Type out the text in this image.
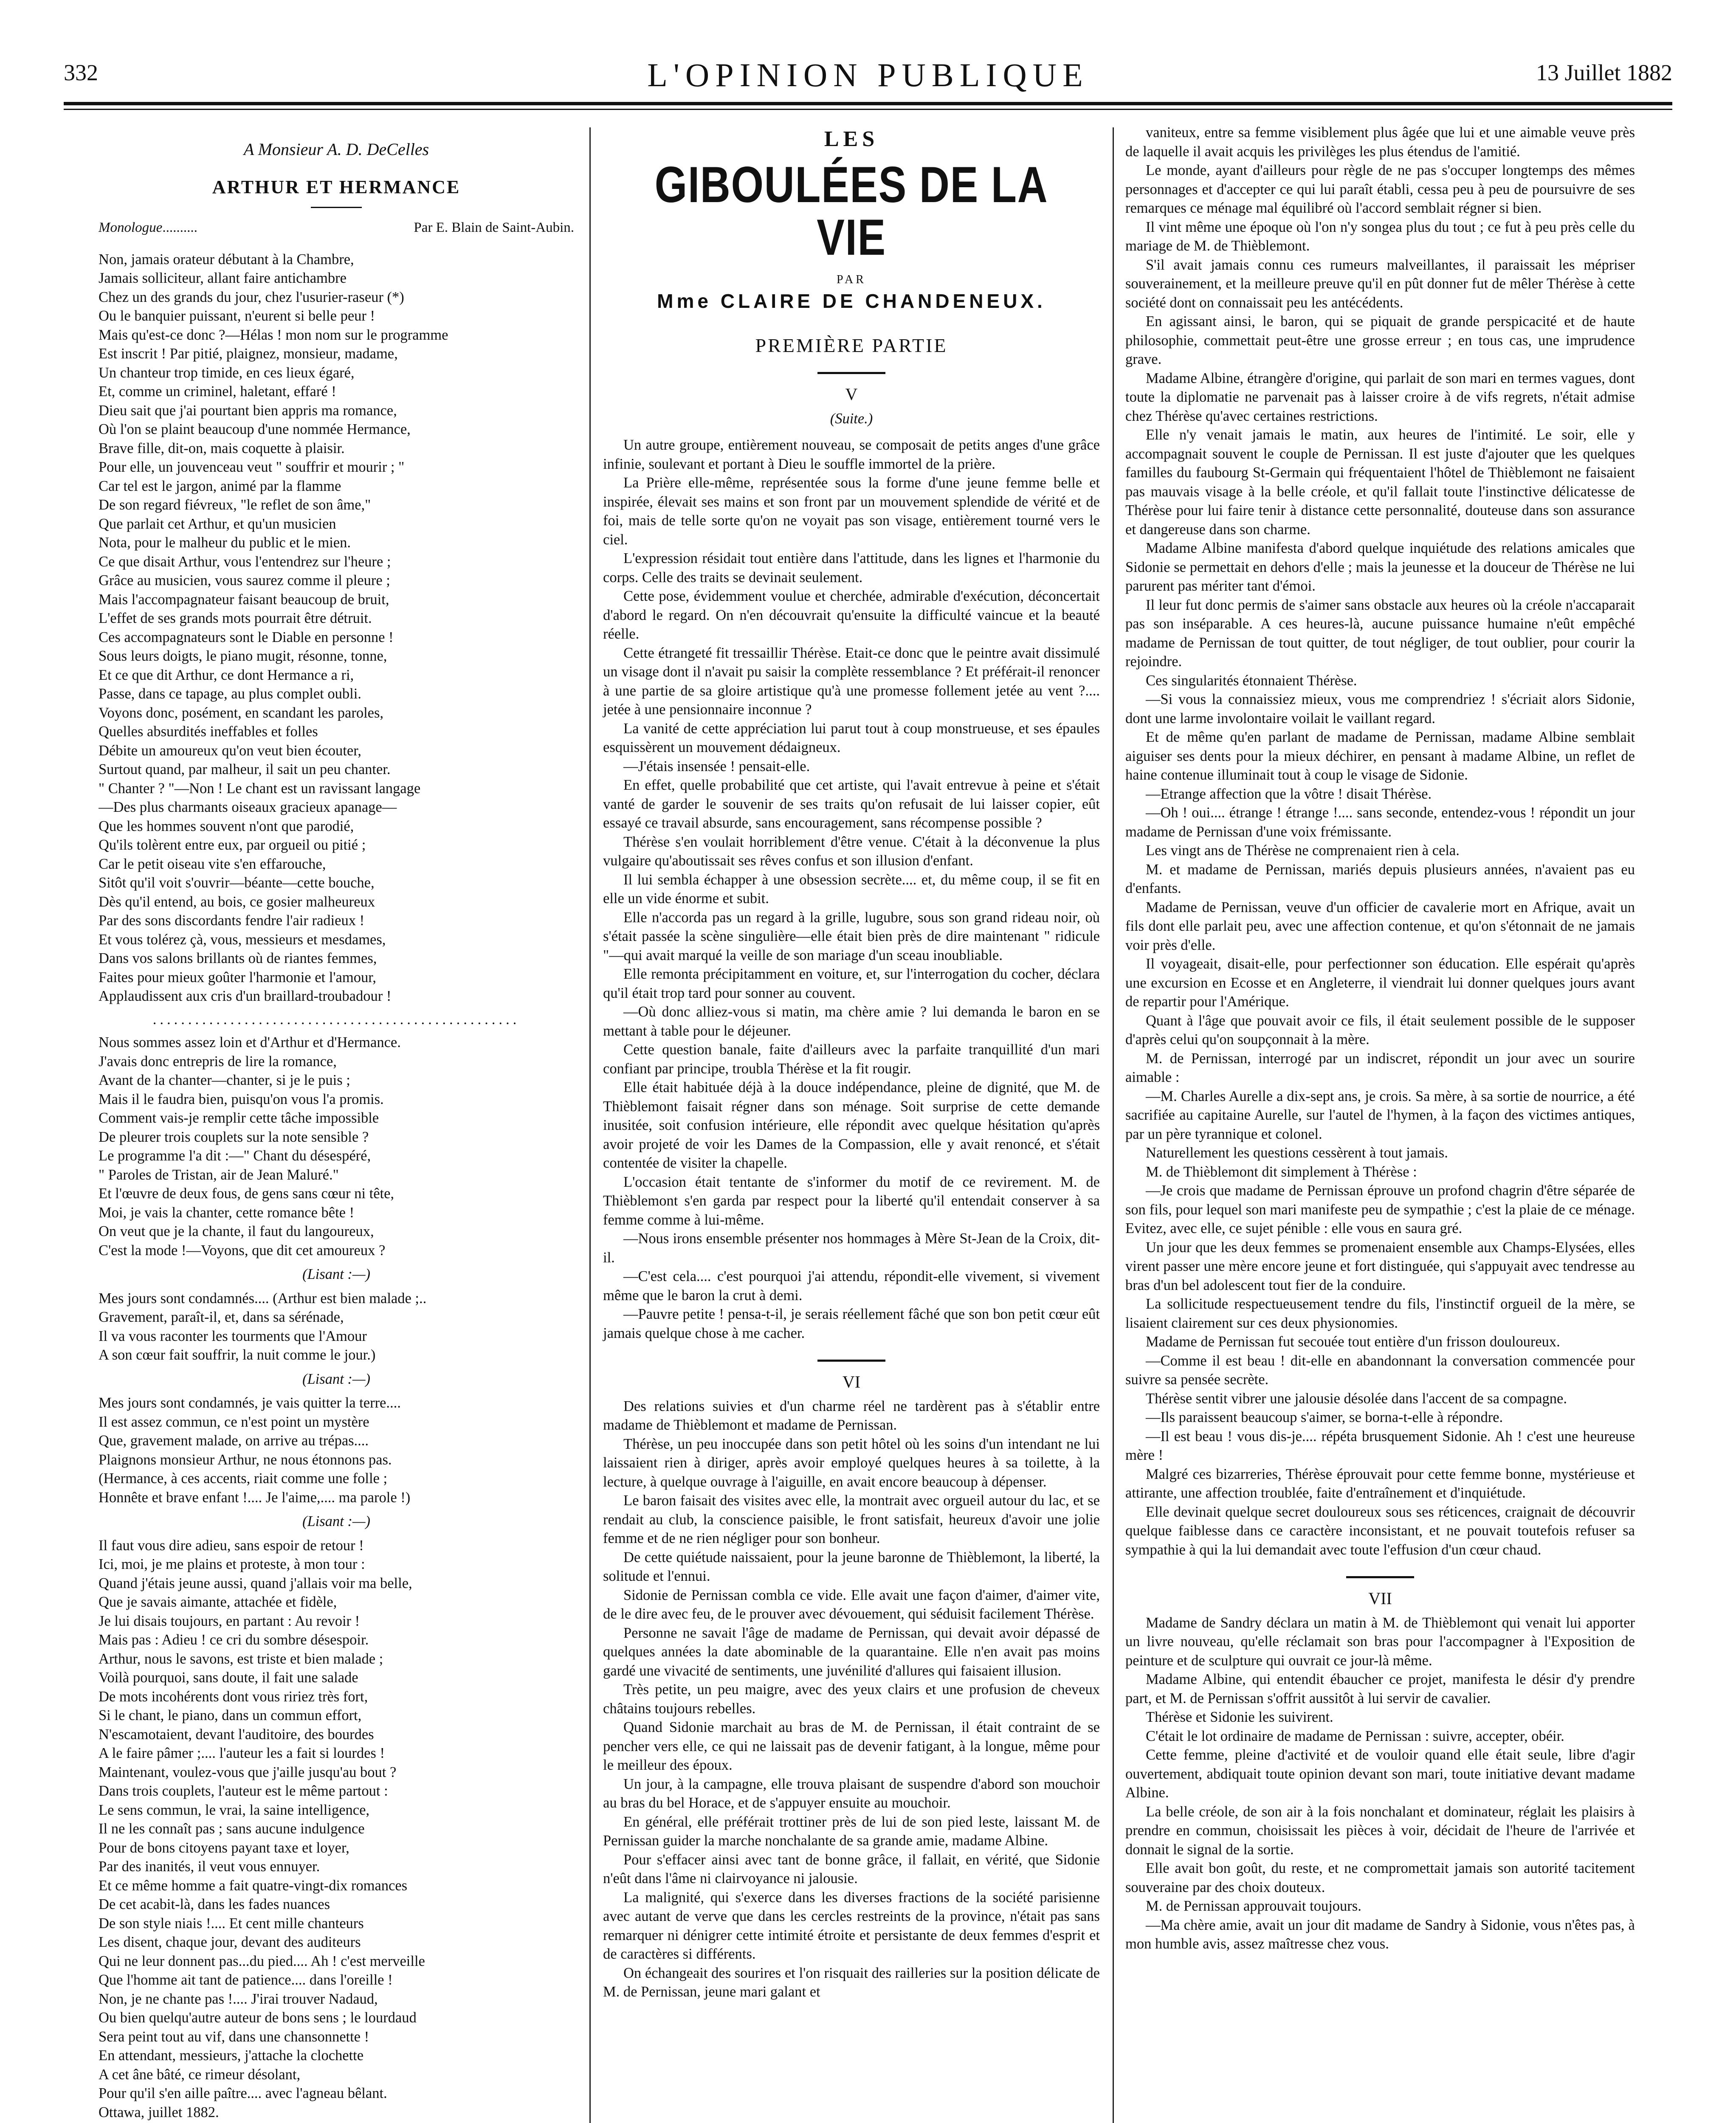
332	L'OPINION PUBLIQUE	13 Juillet 1882
A Monsieur A. D. DeCelles
ARTHUR ET HERMANCE
Monologue..........	Par E. Blain de Saint-Aubin.
Non, jamais orateur débutant à la Chambre,
Jamais solliciteur, allant faire antichambre
Chez un des grands du jour, chez l'usurier-raseur (*)
Ou le banquier puissant, n'eurent si belle peur !
Mais qu'est-ce donc ?—Hélas ! mon nom sur le programme
Est inscrit ! Par pitié, plaignez, monsieur, madame,
Un chanteur trop timide, en ces lieux égaré,
Et, comme un criminel, haletant, effaré !
Dieu sait que j'ai pourtant bien appris ma romance,
Où l'on se plaint beaucoup d'une nommée Hermance,
Brave fille, dit-on, mais coquette à plaisir.
Pour elle, un jouvenceau veut " souffrir et mourir ; "
Car tel est le jargon, animé par la flamme
De son regard fiévreux, "le reflet de son âme,"
Que parlait cet Arthur, et qu'un musicien
Nota, pour le malheur du public et le mien.
Ce que disait Arthur, vous l'entendrez sur l'heure ;
Grâce au musicien, vous saurez comme il pleure ;
Mais l'accompagnateur faisant beaucoup de bruit,
L'effet de ses grands mots pourrait être détruit.
Ces accompagnateurs sont le Diable en personne !
Sous leurs doigts, le piano mugit, résonne, tonne,
Et ce que dit Arthur, ce dont Hermance a ri,
Passe, dans ce tapage, au plus complet oubli.
Voyons donc, posément, en scandant les paroles,
Quelles absurdités ineffables et folles
Débite un amoureux qu'on veut bien écouter,
Surtout quand, par malheur, il sait un peu chanter.
" Chanter ? "—Non ! Le chant est un ravissant langage
—Des plus charmants oiseaux gracieux apanage—
Que les hommes souvent n'ont que parodié,
Qu'ils tolèrent entre eux, par orgueil ou pitié ;
Car le petit oiseau vite s'en effarouche,
Sitôt qu'il voit s'ouvrir—béante—cette bouche,
Dès qu'il entend, au bois, ce gosier malheureux
Par des sons discordants fendre l'air radieux !
Et vous tolérez çà, vous, messieurs et mesdames,
Dans vos salons brillants où de riantes femmes,
Faites pour mieux goûter l'harmonie et l'amour,
Applaudissent aux cris d'un braillard-troubadour !
....................................................
Nous sommes assez loin et d'Arthur et d'Hermance.
J'avais donc entrepris de lire la romance,
Avant de la chanter—chanter, si je le puis ;
Mais il le faudra bien, puisqu'on vous l'a promis.
Comment vais-je remplir cette tâche impossible
De pleurer trois couplets sur la note sensible ?
Le programme l'a dit :—" Chant du désespéré,
" Paroles de Tristan, air de Jean Maluré."
Et l'œuvre de deux fous, de gens sans cœur ni tête,
Moi, je vais la chanter, cette romance bête !
On veut que je la chante, il faut du langoureux,
C'est la mode !—Voyons, que dit cet amoureux ?
(Lisant :—)
Mes jours sont condamnés.... (Arthur est bien malade ;..
Gravement, paraît-il, et, dans sa sérénade,
Il va vous raconter les tourments que l'Amour
A son cœur fait souffrir, la nuit comme le jour.)
(Lisant :—)
Mes jours sont condamnés, je vais quitter la terre....
Il est assez commun, ce n'est point un mystère
Que, gravement malade, on arrive au trépas....
Plaignons monsieur Arthur, ne nous étonnons pas.
(Hermance, à ces accents, riait comme une folle ;
Honnête et brave enfant !.... Je l'aime,.... ma parole !)
(Lisant :—)
Il faut vous dire adieu, sans espoir de retour !
Ici, moi, je me plains et proteste, à mon tour :
Quand j'étais jeune aussi, quand j'allais voir ma belle,
Que je savais aimante, attachée et fidèle,
Je lui disais toujours, en partant : Au revoir !
Mais pas : Adieu ! ce cri du sombre désespoir.
Arthur, nous le savons, est triste et bien malade ;
Voilà pourquoi, sans doute, il fait une salade
De mots incohérents dont vous ririez très fort,
Si le chant, le piano, dans un commun effort,
N'escamotaient, devant l'auditoire, des bourdes
A le faire pâmer ;.... l'auteur les a fait si lourdes !
Maintenant, voulez-vous que j'aille jusqu'au bout ?
Dans trois couplets, l'auteur est le même partout :
Le sens commun, le vrai, la saine intelligence,
Il ne les connaît pas ; sans aucune indulgence
Pour de bons citoyens payant taxe et loyer,
Par des inanités, il veut vous ennuyer.
Et ce même homme a fait quatre-vingt-dix romances
De cet acabit-là, dans les fades nuances
De son style niais !.... Et cent mille chanteurs
Les disent, chaque jour, devant des auditeurs
Qui ne leur donnent pas...du pied.... Ah ! c'est merveille
Que l'homme ait tant de patience.... dans l'oreille !
Non, je ne chante pas !.... J'irai trouver Nadaud,
Ou bien quelqu'autre auteur de bons sens ; le lourdaud
Sera peint tout au vif, dans une chansonnette !
En attendant, messieurs, j'attache la clochette
A cet âne bâté, ce rimeur désolant,
Pour qu'il s'en aille paître.... avec l'agneau bêlant.

Ottawa, juillet 1882.

LES
GIBOULÉES DE LA VIE
PAR
Mme CLAIRE DE CHANDENEUX.
PREMIÈRE PARTIE
V
(Suite.)

Un autre groupe, entièrement nouveau, se composait de petits anges d'une grâce infinie, soulevant et portant à Dieu le souffle immortel de la prière.

La Prière elle-même, représentée sous la forme d'une jeune femme belle et inspirée, élevait ses mains et son front par un mouvement splendide de vérité et de foi, mais de telle sorte qu'on ne voyait pas son visage, entièrement tourné vers le ciel.

L'expression résidait tout entière dans l'attitude, dans les lignes et l'harmonie du corps. Celle des traits se devinait seulement.

Cette pose, évidemment voulue et cherchée, admirable d'exécution, déconcertait d'abord le regard. On n'en découvrait qu'ensuite la difficulté vaincue et la beauté réelle.

Cette étrangeté fit tressaillir Thérèse. Etait-ce donc que le peintre avait dissimulé un visage dont il n'avait pu saisir la complète ressemblance ? Et préférait-il renoncer à une partie de sa gloire artistique qu'à une promesse follement jetée au vent ?.... jetée à une pensionnaire inconnue ?

La vanité de cette appréciation lui parut tout à coup monstrueuse, et ses épaules esquissèrent un mouvement dédaigneux.

—J'étais insensée ! pensait-elle.

En effet, quelle probabilité que cet artiste, qui l'avait entrevue à peine et s'était vanté de garder le souvenir de ses traits qu'on refusait de lui laisser copier, eût essayé ce travail absurde, sans encouragement, sans récompense possible ?

Thérèse s'en voulait horriblement d'être venue. C'était à la déconvenue la plus vulgaire qu'aboutissait ses rêves confus et son illusion d'enfant.

Il lui sembla échapper à une obsession secrète.... et, du même coup, il se fit en elle un vide énorme et subit.

Elle n'accorda pas un regard à la grille, lugubre, sous son grand rideau noir, où s'était passée la scène singulière—elle était bien près de dire maintenant " ridicule "—qui avait marqué la veille de son mariage d'un sceau inoubliable.

Elle remonta précipitamment en voiture, et, sur l'interrogation du cocher, déclara qu'il était trop tard pour sonner au couvent.

—Où donc alliez-vous si matin, ma chère amie ? lui demanda le baron en se mettant à table pour le déjeuner.

Cette question banale, faite d'ailleurs avec la parfaite tranquillité d'un mari confiant par principe, troubla Thérèse et la fit rougir.

Elle était habituée déjà à la douce indépendance, pleine de dignité, que M. de Thièblemont faisait régner dans son ménage. Soit surprise de cette demande inusitée, soit confusion intérieure, elle répondit avec quelque hésitation qu'après avoir projeté de voir les Dames de la Compassion, elle y avait renoncé, et s'était contentée de visiter la chapelle.

L'occasion était tentante de s'informer du motif de ce revirement. M. de Thièblemont s'en garda par respect pour la liberté qu'il entendait conserver à sa femme comme à lui-même.

—Nous irons ensemble présenter nos hommages à Mère St-Jean de la Croix, dit-il.

—C'est cela.... c'est pourquoi j'ai attendu, répondit-elle vivement, si vivement même que le baron la crut à demi.

—Pauvre petite ! pensa-t-il, je serais réellement fâché que son bon petit cœur eût jamais quelque chose à me cacher.

VI

Des relations suivies et d'un charme réel ne tardèrent pas à s'établir entre madame de Thièblemont et madame de Pernissan.

Thérèse, un peu inoccupée dans son petit hôtel où les soins d'un intendant ne lui laissaient rien à diriger, après avoir employé quelques heures à sa toilette, à la lecture, à quelque ouvrage à l'aiguille, en avait encore beaucoup à dépenser.

Le baron faisait des visites avec elle, la montrait avec orgueil autour du lac, et se rendait au club, la conscience paisible, le front satisfait, heureux d'avoir une jolie femme et de ne rien négliger pour son bonheur.

De cette quiétude naissaient, pour la jeune baronne de Thièblemont, la liberté, la solitude et l'ennui.

Sidonie de Pernissan combla ce vide. Elle avait une façon d'aimer, d'aimer vite, de le dire avec feu, de le prouver avec dévouement, qui séduisit facilement Thérèse.

Personne ne savait l'âge de madame de Pernissan, qui devait avoir dépassé de quelques années la date abominable de la quarantaine. Elle n'en avait pas moins gardé une vivacité de sentiments, une juvénilité d'allures qui faisaient illusion.

Très petite, un peu maigre, avec des yeux clairs et une profusion de cheveux châtains toujours rebelles.

Quand Sidonie marchait au bras de M. de Pernissan, il était contraint de se pencher vers elle, ce qui ne laissait pas de devenir fatigant, à la longue, même pour le meilleur des époux.

Un jour, à la campagne, elle trouva plaisant de suspendre d'abord son mouchoir au bras du bel Horace, et de s'appuyer ensuite au mouchoir.

En général, elle préférait trottiner près de lui de son pied leste, laissant M. de Pernissan guider la marche nonchalante de sa grande amie, madame Albine.

Pour s'effacer ainsi avec tant de bonne grâce, il fallait, en vérité, que Sidonie n'eût dans l'âme ni clairvoyance ni jalousie.

La malignité, qui s'exerce dans les diverses fractions de la société parisienne avec autant de verve que dans les cercles restreints de la province, n'était pas sans remarquer ni dénigrer cette intimité étroite et persistante de deux femmes d'esprit et de caractères si différents.

On échangeait des sourires et l'on risquait des railleries sur la position délicate de M. de Pernissan, jeune mari galant et

vaniteux, entre sa femme visiblement plus âgée que lui et une aimable veuve près de laquelle il avait acquis les privilèges les plus étendus de l'amitié.

Le monde, ayant d'ailleurs pour règle de ne pas s'occuper longtemps des mêmes personnages et d'accepter ce qui lui paraît établi, cessa peu à peu de poursuivre de ses remarques ce ménage mal équilibré où l'accord semblait régner si bien.

Il vint même une époque où l'on n'y songea plus du tout ; ce fut à peu près celle du mariage de M. de Thièblemont.

S'il avait jamais connu ces rumeurs malveillantes, il paraissait les mépriser souverainement, et la meilleure preuve qu'il en pût donner fut de mêler Thérèse à cette société dont on connaissait peu les antécédents.

En agissant ainsi, le baron, qui se piquait de grande perspicacité et de haute philosophie, commettait peut-être une grosse erreur ; en tous cas, une imprudence grave.

Madame Albine, étrangère d'origine, qui parlait de son mari en termes vagues, dont toute la diplomatie ne parvenait pas à laisser croire à de vifs regrets, n'était admise chez Thérèse qu'avec certaines restrictions.

Elle n'y venait jamais le matin, aux heures de l'intimité. Le soir, elle y accompagnait souvent le couple de Pernissan. Il est juste d'ajouter que les quelques familles du faubourg St-Germain qui fréquentaient l'hôtel de Thièblemont ne faisaient pas mauvais visage à la belle créole, et qu'il fallait toute l'instinctive délicatesse de Thérèse pour lui faire tenir à distance cette personnalité, douteuse dans son assurance et dangereuse dans son charme.

Madame Albine manifesta d'abord quelque inquiétude des relations amicales que Sidonie se permettait en dehors d'elle ; mais la jeunesse et la douceur de Thérèse ne lui parurent pas mériter tant d'émoi.

Il leur fut donc permis de s'aimer sans obstacle aux heures où la créole n'accaparait pas son inséparable. A ces heures-là, aucune puissance humaine n'eût empêché madame de Pernissan de tout quitter, de tout négliger, de tout oublier, pour courir la rejoindre.

Ces singularités étonnaient Thérèse.

—Si vous la connaissiez mieux, vous me comprendriez ! s'écriait alors Sidonie, dont une larme involontaire voilait le vaillant regard.

Et de même qu'en parlant de madame de Pernissan, madame Albine semblait aiguiser ses dents pour la mieux déchirer, en pensant à madame Albine, un reflet de haine contenue illuminait tout à coup le visage de Sidonie.

—Etrange affection que la vôtre ! disait Thérèse.

—Oh ! oui.... étrange ! étrange !.... sans seconde, entendez-vous ! répondit un jour madame de Pernissan d'une voix frémissante.

Les vingt ans de Thérèse ne comprenaient rien à cela.

M. et madame de Pernissan, mariés depuis plusieurs années, n'avaient pas eu d'enfants.

Madame de Pernissan, veuve d'un officier de cavalerie mort en Afrique, avait un fils dont elle parlait peu, avec une affection contenue, et qu'on s'étonnait de ne jamais voir près d'elle.

Il voyageait, disait-elle, pour perfectionner son éducation. Elle espérait qu'après une excursion en Ecosse et en Angleterre, il viendrait lui donner quelques jours avant de repartir pour l'Amérique.

Quant à l'âge que pouvait avoir ce fils, il était seulement possible de le supposer d'après celui qu'on soupçonnait à la mère.

M. de Pernissan, interrogé par un indiscret, répondit un jour avec un sourire aimable :

—M. Charles Aurelle a dix-sept ans, je crois. Sa mère, à sa sortie de nourrice, a été sacrifiée au capitaine Aurelle, sur l'autel de l'hymen, à la façon des victimes antiques, par un père tyrannique et colonel.

Naturellement les questions cessèrent à tout jamais.

M. de Thièblemont dit simplement à Thérèse :

—Je crois que madame de Pernissan éprouve un profond chagrin d'être séparée de son fils, pour lequel son mari manifeste peu de sympathie ; c'est la plaie de ce ménage. Evitez, avec elle, ce sujet pénible : elle vous en saura gré.

Un jour que les deux femmes se promenaient ensemble aux Champs-Elysées, elles virent passer une mère encore jeune et fort distinguée, qui s'appuyait avec tendresse au bras d'un bel adolescent tout fier de la conduire.

La sollicitude respectueusement tendre du fils, l'instinctif orgueil de la mère, se lisaient clairement sur ces deux physionomies.

Madame de Pernissan fut secouée tout entière d'un frisson douloureux.

—Comme il est beau ! dit-elle en abandonnant la conversation commencée pour suivre sa pensée secrète.

Thérèse sentit vibrer une jalousie désolée dans l'accent de sa compagne.

—Ils paraissent beaucoup s'aimer, se borna-t-elle à répondre.

—Il est beau ! vous dis-je.... répéta brusquement Sidonie. Ah ! c'est une heureuse mère !

Malgré ces bizarreries, Thérèse éprouvait pour cette femme bonne, mystérieuse et attirante, une affection troublée, faite d'entraînement et d'inquiétude.

Elle devinait quelque secret douloureux sous ses réticences, craignait de découvrir quelque faiblesse dans ce caractère inconsistant, et ne pouvait toutefois refuser sa sympathie à qui la lui demandait avec toute l'effusion d'un cœur chaud.

VII

Madame de Sandry déclara un matin à M. de Thièblemont qui venait lui apporter un livre nouveau, qu'elle réclamait son bras pour l'accompagner à l'Exposition de peinture et de sculpture qui ouvrait ce jour-là même.

Madame Albine, qui entendit ébaucher ce projet, manifesta le désir d'y prendre part, et M. de Pernissan s'offrit aussitôt à lui servir de cavalier.

Thérèse et Sidonie les suivirent.

C'était le lot ordinaire de madame de Pernissan : suivre, accepter, obéir.

Cette femme, pleine d'activité et de vouloir quand elle était seule, libre d'agir ouvertement, abdiquait toute opinion devant son mari, toute initiative devant madame Albine.

La belle créole, de son air à la fois nonchalant et dominateur, réglait les plaisirs à prendre en commun, choisissait les pièces à voir, décidait de l'heure de l'arrivée et donnait le signal de la sortie.

Elle avait bon goût, du reste, et ne compromettait jamais son autorité tacitement souveraine par des choix douteux.

M. de Pernissan approuvait toujours.

—Ma chère amie, avait un jour dit madame de Sandry à Sidonie, vous n'êtes pas, à mon humble avis, assez maîtresse chez vous.
